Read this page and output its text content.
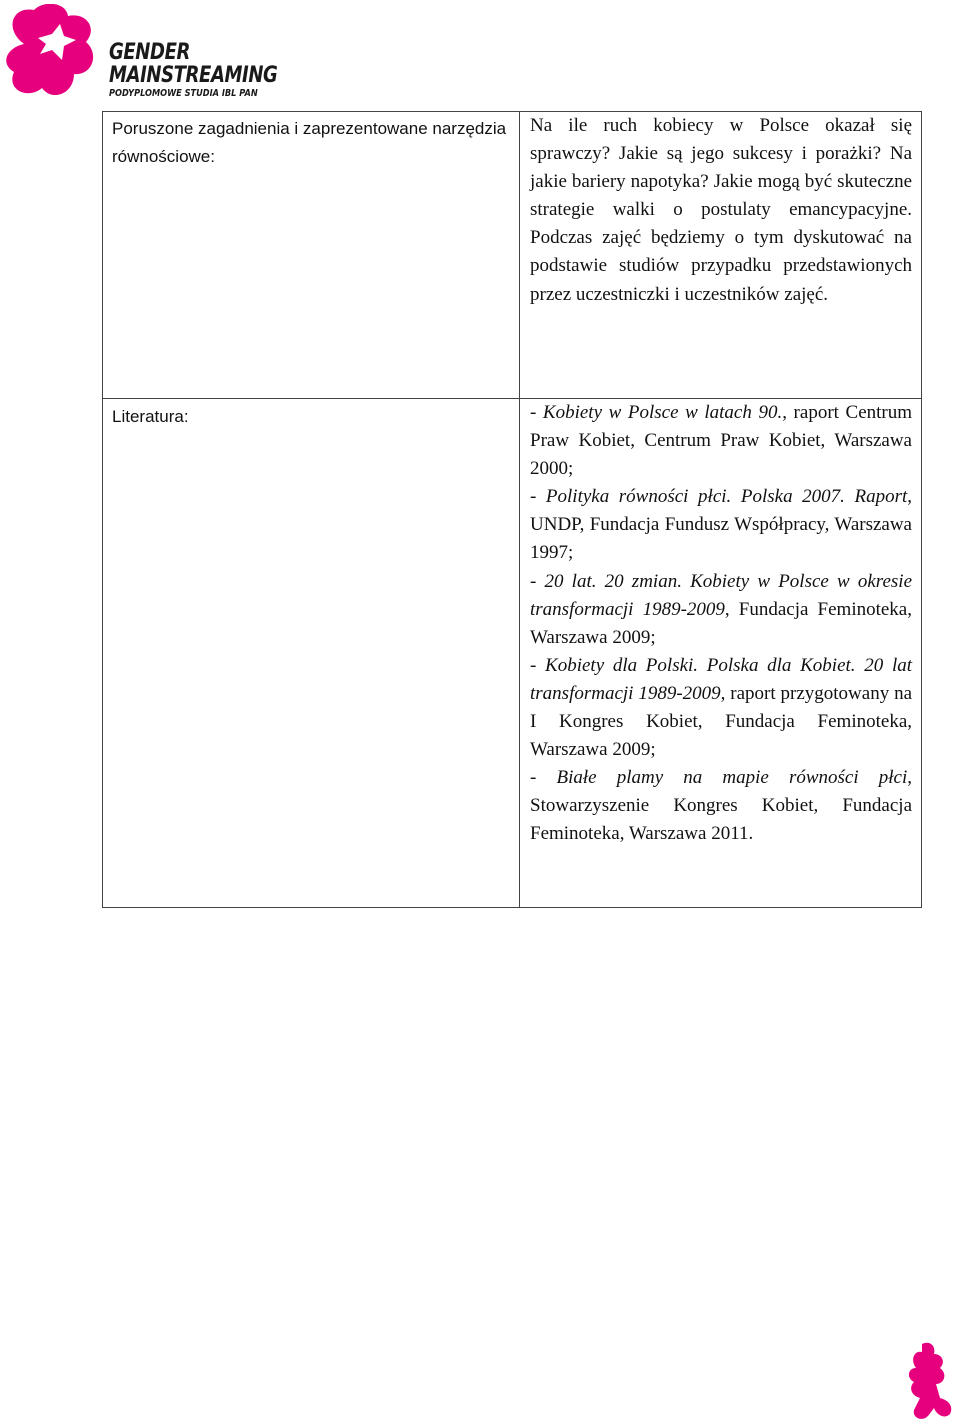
GENDER
MAINSTREAMING
PODYPLOMOWE STUDIA IBL PAN
Poruszone zagadnienia i zaprezentowane narzędzia równościowe:	Na ile ruch kobiecy w Polsce okazał się sprawczy? Jakie są jego sukcesy i porażki? Na jakie bariery napotyka? Jakie mogą być skuteczne strategie walki o postulaty emancypacyjne. Podczas zajęć będziemy o tym dyskutować na podstawie studiów przypadku przedstawionych przez uczestniczki i uczestników zajęć.

Literatura:	- Kobiety w Polsce w latach 90., raport Centrum Praw Kobiet, Centrum Praw Kobiet, Warszawa 2000;

- Polityka równości płci. Polska 2007. Raport, UNDP, Fundacja Fundusz Współpracy, Warszawa 1997;

- 20 lat. 20 zmian. Kobiety w Polsce w okresie transformacji 1989-2009, Fundacja Feminoteka, Warszawa 2009;

- Kobiety dla Polski. Polska dla Kobiet. 20 lat transformacji 1989-2009, raport przygotowany na I Kongres Kobiet, Fundacja Feminoteka, Warszawa 2009;

- Białe plamy na mapie równości płci, Stowarzyszenie Kongres Kobiet, Fundacja Feminoteka, Warszawa 2011.
